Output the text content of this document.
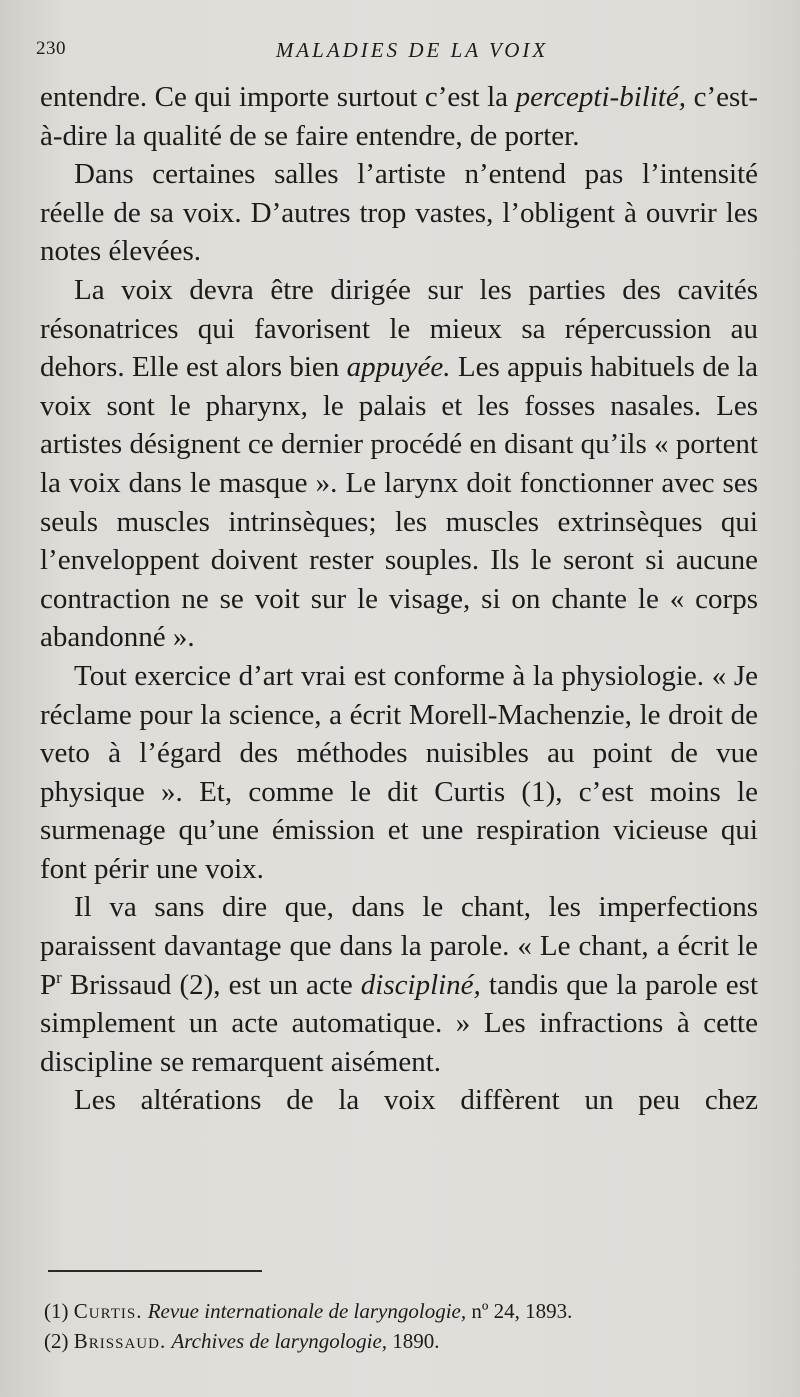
230	MALADIES DE LA VOIX

entendre. Ce qui importe surtout c’est la percepti-bilité, c’est-à-dire la qualité de se faire entendre, de porter.

Dans certaines salles l’artiste n’entend pas l’intensité réelle de sa voix. D’autres trop vastes, l’obligent à ouvrir les notes élevées.

La voix devra être dirigée sur les parties des cavités résonatrices qui favorisent le mieux sa répercussion au dehors. Elle est alors bien appuyée. Les appuis habituels de la voix sont le pharynx, le palais et les fosses nasales. Les artistes désignent ce dernier procédé en disant qu’ils « portent la voix dans le masque ». Le larynx doit fonctionner avec ses seuls muscles intrinsèques; les muscles extrinsèques qui l’enveloppent doivent rester souples. Ils le seront si aucune contraction ne se voit sur le visage, si on chante le « corps abandonné ».

Tout exercice d’art vrai est conforme à la physiologie. « Je réclame pour la science, a écrit Morell-Machenzie, le droit de veto à l’égard des méthodes nuisibles au point de vue physique ». Et, comme le dit Curtis (1), c’est moins le surmenage qu’une émission et une respiration vicieuse qui font périr une voix.

Il va sans dire que, dans le chant, les imperfections paraissent davantage que dans la parole. « Le chant, a écrit le $P^r$ Brissaud (2), est un acte discipliné, tandis que la parole est simplement un acte automatique. » Les infractions à cette discipline se remarquent aisément.

Les altérations de la voix diffèrent un peu chez

(1) Curtis. Revue internationale de laryngologie, nº 24, 1893.

(2) Brissaud. Archives de laryngologie, 1890.
